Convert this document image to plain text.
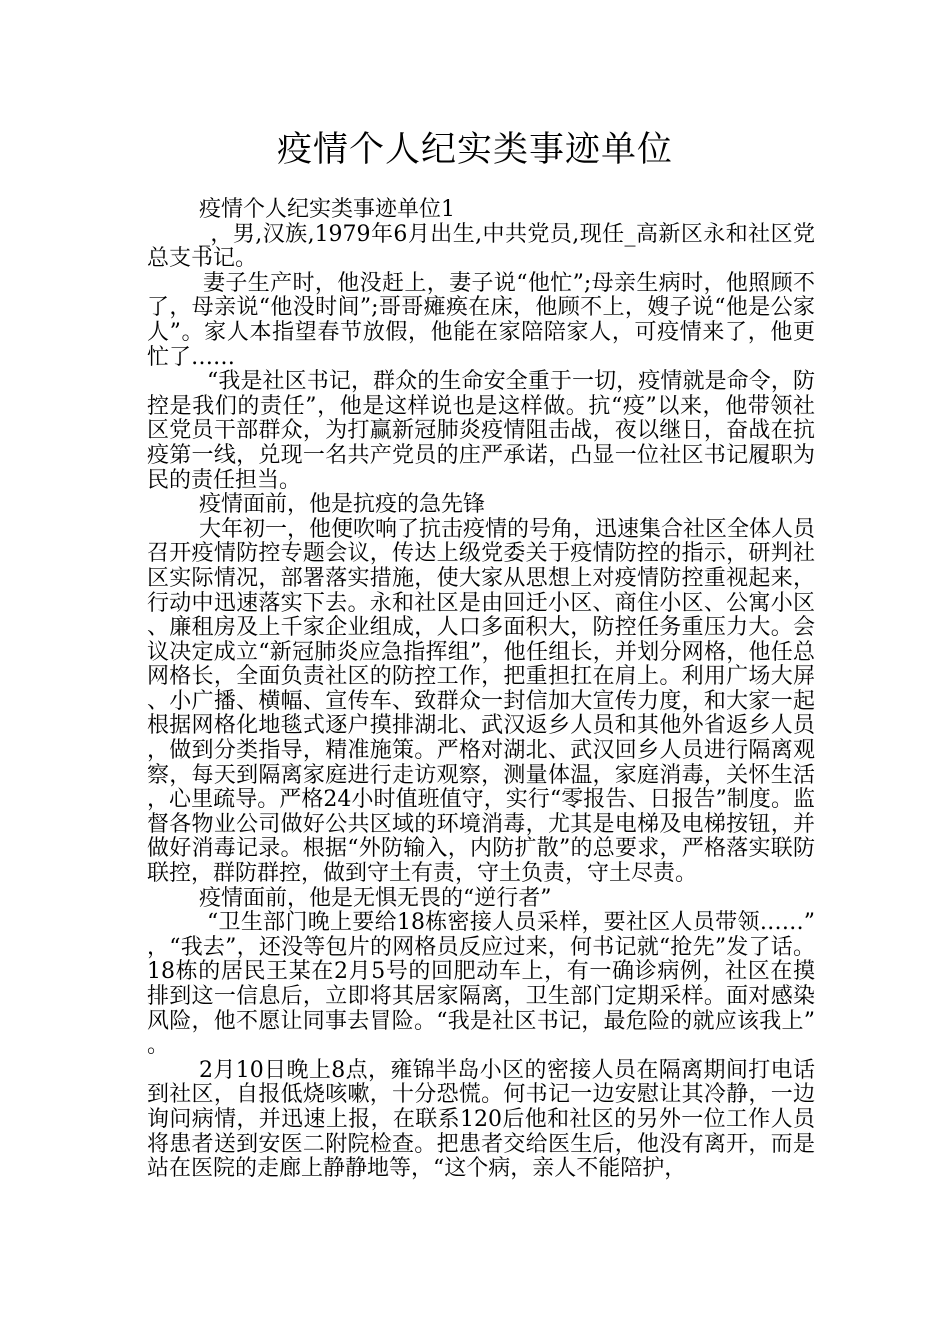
疫情个人纪实类事迹单位

疫情个人纪实类事迹单位1

_，男,汉族,1979年6月出生,中共党员,现任_高新区永和社区党总支书记。

妻子生产时，他没赶上，妻子说“他忙”;母亲生病时，他照顾不了，母亲说“他没时间”;哥哥瘫痪在床，他顾不上，嫂子说“他是公家人”。家人本指望春节放假，他能在家陪陪家人，可疫情来了，他更忙了……

“我是社区书记，群众的生命安全重于一切，疫情就是命令，防控是我们的责任”，他是这样说也是这样做。抗“疫”以来，他带领社区党员干部群众，为打赢新冠肺炎疫情阻击战，夜以继日，奋战在抗疫第一线，兑现一名共产党员的庄严承诺，凸显一位社区书记履职为民的责任担当。

疫情面前，他是抗疫的急先锋

大年初一，他便吹响了抗击疫情的号角，迅速集合社区全体人员召开疫情防控专题会议，传达上级党委关于疫情防控的指示，研判社区实际情况，部署落实措施，使大家从思想上对疫情防控重视起来，行动中迅速落实下去。永和社区是由回迁小区、商住小区、公寓小区、廉租房及上千家企业组成，人口多面积大，防控任务重压力大。会议决定成立“新冠肺炎应急指挥组”，他任组长，并划分网格，他任总网格长，全面负责社区的防控工作，把重担扛在肩上。利用广场大屏、小广播、横幅、宣传车、致群众一封信加大宣传力度，和大家一起根据网格化地毯式逐户摸排湖北、武汉返乡人员和其他外省返乡人员，做到分类指导，精准施策。严格对湖北、武汉回乡人员进行隔离观察，每天到隔离家庭进行走访观察，测量体温，家庭消毒，关怀生活，心里疏导。严格24小时值班值守，实行“零报告、日报告”制度。监督各物业公司做好公共区域的环境消毒，尤其是电梯及电梯按钮，并做好消毒记录。根据“外防输入，内防扩散”的总要求，严格落实联防联控，群防群控，做到守土有责，守土负责，守土尽责。

疫情面前，他是无惧无畏的“逆行者”

“卫生部门晚上要给18栋密接人员采样，要社区人员带领……”，“我去”，还没等包片的网格员反应过来，何书记就“抢先”发了话。18栋的居民王某在2月5号的回肥动车上，有一确诊病例，社区在摸排到这一信息后，立即将其居家隔离，卫生部门定期采样。面对感染风险，他不愿让同事去冒险。“我是社区书记，最危险的就应该我上”。

2月10日晚上8点，雍锦半岛小区的密接人员在隔离期间打电话到社区，自报低烧咳嗽，十分恐慌。何书记一边安慰让其冷静，一边询问病情，并迅速上报，在联系120后他和社区的另外一位工作人员将患者送到安医二附院检查。把患者交给医生后，他没有离开，而是站在医院的走廊上静静地等，“这个病，亲人不能陪护，
